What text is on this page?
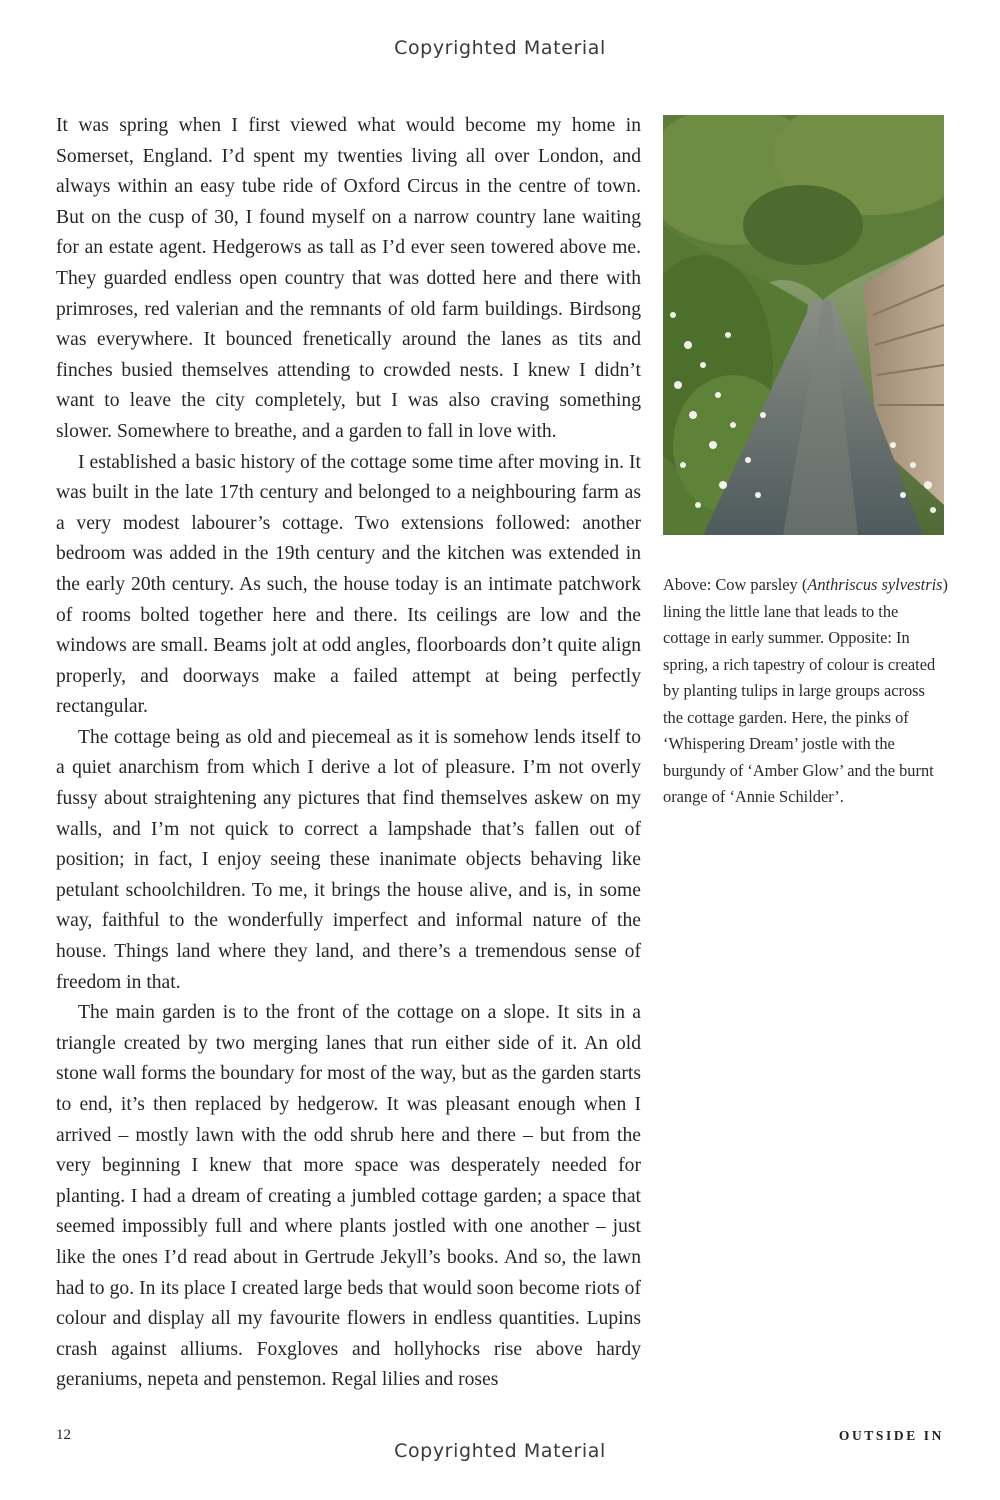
Copyrighted Material

It was spring when I first viewed what would become my home in Somerset, England. I’d spent my twenties living all over London, and always within an easy tube ride of Oxford Circus in the centre of town. But on the cusp of 30, I found myself on a narrow country lane waiting for an estate agent. Hedgerows as tall as I’d ever seen towered above me. They guarded endless open country that was dotted here and there with primroses, red valerian and the remnants of old farm buildings. Birdsong was everywhere. It bounced frenetically around the lanes as tits and finches busied themselves attending to crowded nests. I knew I didn’t want to leave the city completely, but I was also craving something slower. Somewhere to breathe, and a garden to fall in love with.

I established a basic history of the cottage some time after moving in. It was built in the late 17th century and belonged to a neighbouring farm as a very modest labourer’s cottage. Two extensions followed: another bedroom was added in the 19th century and the kitchen was extended in the early 20th century. As such, the house today is an intimate patchwork of rooms bolted together here and there. Its ceilings are low and the windows are small. Beams jolt at odd angles, floorboards don’t quite align properly, and doorways make a failed attempt at being perfectly rectangular.

The cottage being as old and piecemeal as it is somehow lends itself to a quiet anarchism from which I derive a lot of pleasure. I’m not overly fussy about straightening any pictures that find themselves askew on my walls, and I’m not quick to correct a lampshade that’s fallen out of position; in fact, I enjoy seeing these inanimate objects behaving like petulant schoolchildren. To me, it brings the house alive, and is, in some way, faithful to the wonderfully imperfect and informal nature of the house. Things land where they land, and there’s a tremendous sense of freedom in that.

The main garden is to the front of the cottage on a slope. It sits in a triangle created by two merging lanes that run either side of it. An old stone wall forms the boundary for most of the way, but as the garden starts to end, it’s then replaced by hedgerow. It was pleasant enough when I arrived – mostly lawn with the odd shrub here and there – but from the very beginning I knew that more space was desperately needed for planting. I had a dream of creating a jumbled cottage garden; a space that seemed impossibly full and where plants jostled with one another – just like the ones I’d read about in Gertrude Jekyll’s books. And so, the lawn had to go. In its place I created large beds that would soon become riots of colour and display all my favourite flowers in endless quantities. Lupins crash against alliums. Foxgloves and hollyhocks rise above hardy geraniums, nepeta and penstemon. Regal lilies and roses

Above: Cow parsley (Anthriscus sylvestris) lining the little lane that leads to the cottage in early summer. Opposite: In spring, a rich tapestry of colour is created by planting tulips in large groups across the cottage garden. Here, the pinks of ‘Whispering Dream’ jostle with the burgundy of ‘Amber Glow’ and the burnt orange of ‘Annie Schilder’.
12	OUTSIDE IN
Copyrighted Material
